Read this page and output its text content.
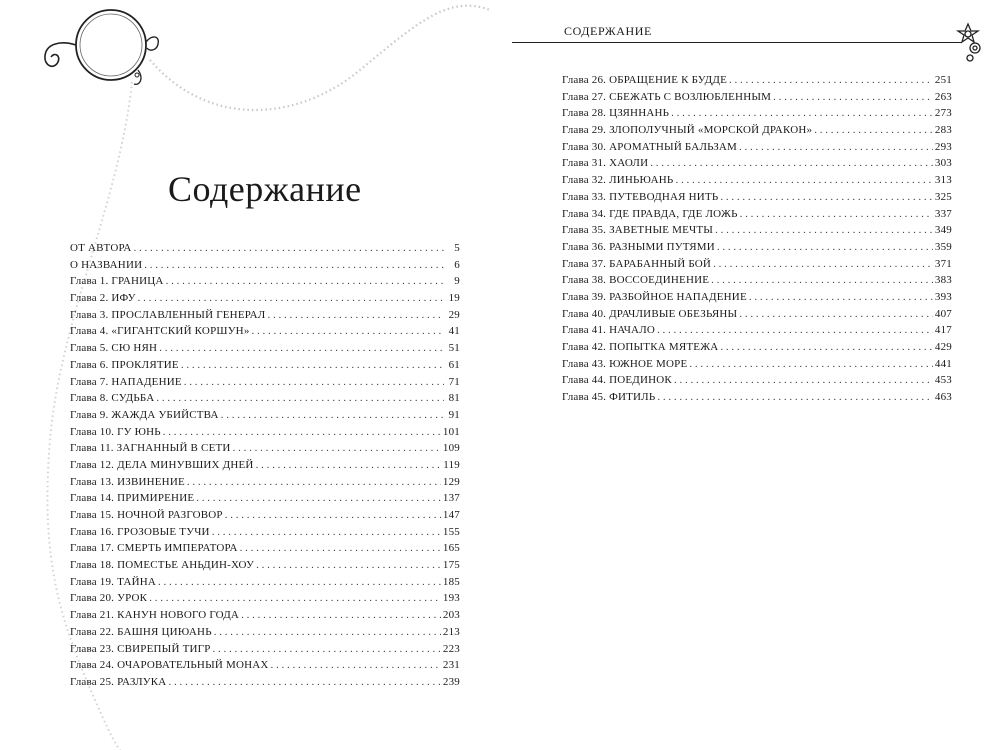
Содержание
ОТ АВТОРА . . .	5
О НАЗВАНИИ . . .	6
Глава 1. ГРАНИЦА . . .	9
Глава 2. ИФУ . . .	19
Глава 3. ПРОСЛАВЛЕННЫЙ ГЕНЕРАЛ . . .	29
Глава 4. «ГИГАНТСКИЙ КОРШУН» . . .	41
Глава 5. СЮ НЯН . . .	51
Глава 6. ПРОКЛЯТИЕ . . .	61
Глава 7. НАПАДЕНИЕ . . .	71
Глава 8. СУДЬБА . . .	81
Глава 9. ЖАЖДА УБИЙСТВА . . .	91
Глава 10. ГУ ЮНЬ . . .	101
Глава 11. ЗАГНАННЫЙ В СЕТИ . . .	109
Глава 12. ДЕЛА МИНУВШИХ ДНЕЙ . . .	119
Глава 13. ИЗВИНЕНИЕ . . .	129
Глава 14. ПРИМИРЕНИЕ . . .	137
Глава 15. НОЧНОЙ РАЗГОВОР . . .	147
Глава 16. ГРОЗОВЫЕ ТУЧИ . . .	155
Глава 17. СМЕРТЬ ИМПЕРАТОРА . . .	165
Глава 18. ПОМЕСТЬЕ АНЬДИН-ХОУ . . .	175
Глава 19. ТАЙНА . . .	185
Глава 20. УРОК . . .	193
Глава 21. КАНУН НОВОГО ГОДА . . .	203
Глава 22. БАШНЯ ЦИЮАНЬ . . .	213
Глава 23. СВИРЕПЫЙ ТИГР . . .	223
Глава 24. ОЧАРОВАТЕЛЬНЫЙ МОНАХ . . .	231
Глава 25. РАЗЛУКА . . .	239
СОДЕРЖАНИЕ
Глава 26. ОБРАЩЕНИЕ К БУДДЕ . . .	251
Глава 27. СБЕЖАТЬ С ВОЗЛЮБЛЕННЫМ . . .	263
Глава 28. ЦЗЯННАНЬ . . .	273
Глава 29. ЗЛОПОЛУЧНЫЙ «МОРСКОЙ ДРАКОН» . . .	283
Глава 30. АРОМАТНЫЙ БАЛЬЗАМ . . .	293
Глава 31. ХАОЛИ . . .	303
Глава 32. ЛИНЬЮАНЬ . . .	313
Глава 33. ПУТЕВОДНАЯ НИТЬ . . .	325
Глава 34. ГДЕ ПРАВДА, ГДЕ ЛОЖЬ . . .	337
Глава 35. ЗАВЕТНЫЕ МЕЧТЫ . . .	349
Глава 36. РАЗНЫМИ ПУТЯМИ . . .	359
Глава 37. БАРАБАННЫЙ БОЙ . . .	371
Глава 38. ВОССОЕДИНЕНИЕ . . .	383
Глава 39. РАЗБОЙНОЕ НАПАДЕНИЕ . . .	393
Глава 40. ДРАЧЛИВЫЕ ОБЕЗЬЯНЫ . . .	407
Глава 41. НАЧАЛО . . .	417
Глава 42. ПОПЫТКА МЯТЕЖА . . .	429
Глава 43. ЮЖНОЕ МОРЕ . . .	441
Глава 44. ПОЕДИНОК . . .	453
Глава 45. ФИТИЛЬ . . .	463
